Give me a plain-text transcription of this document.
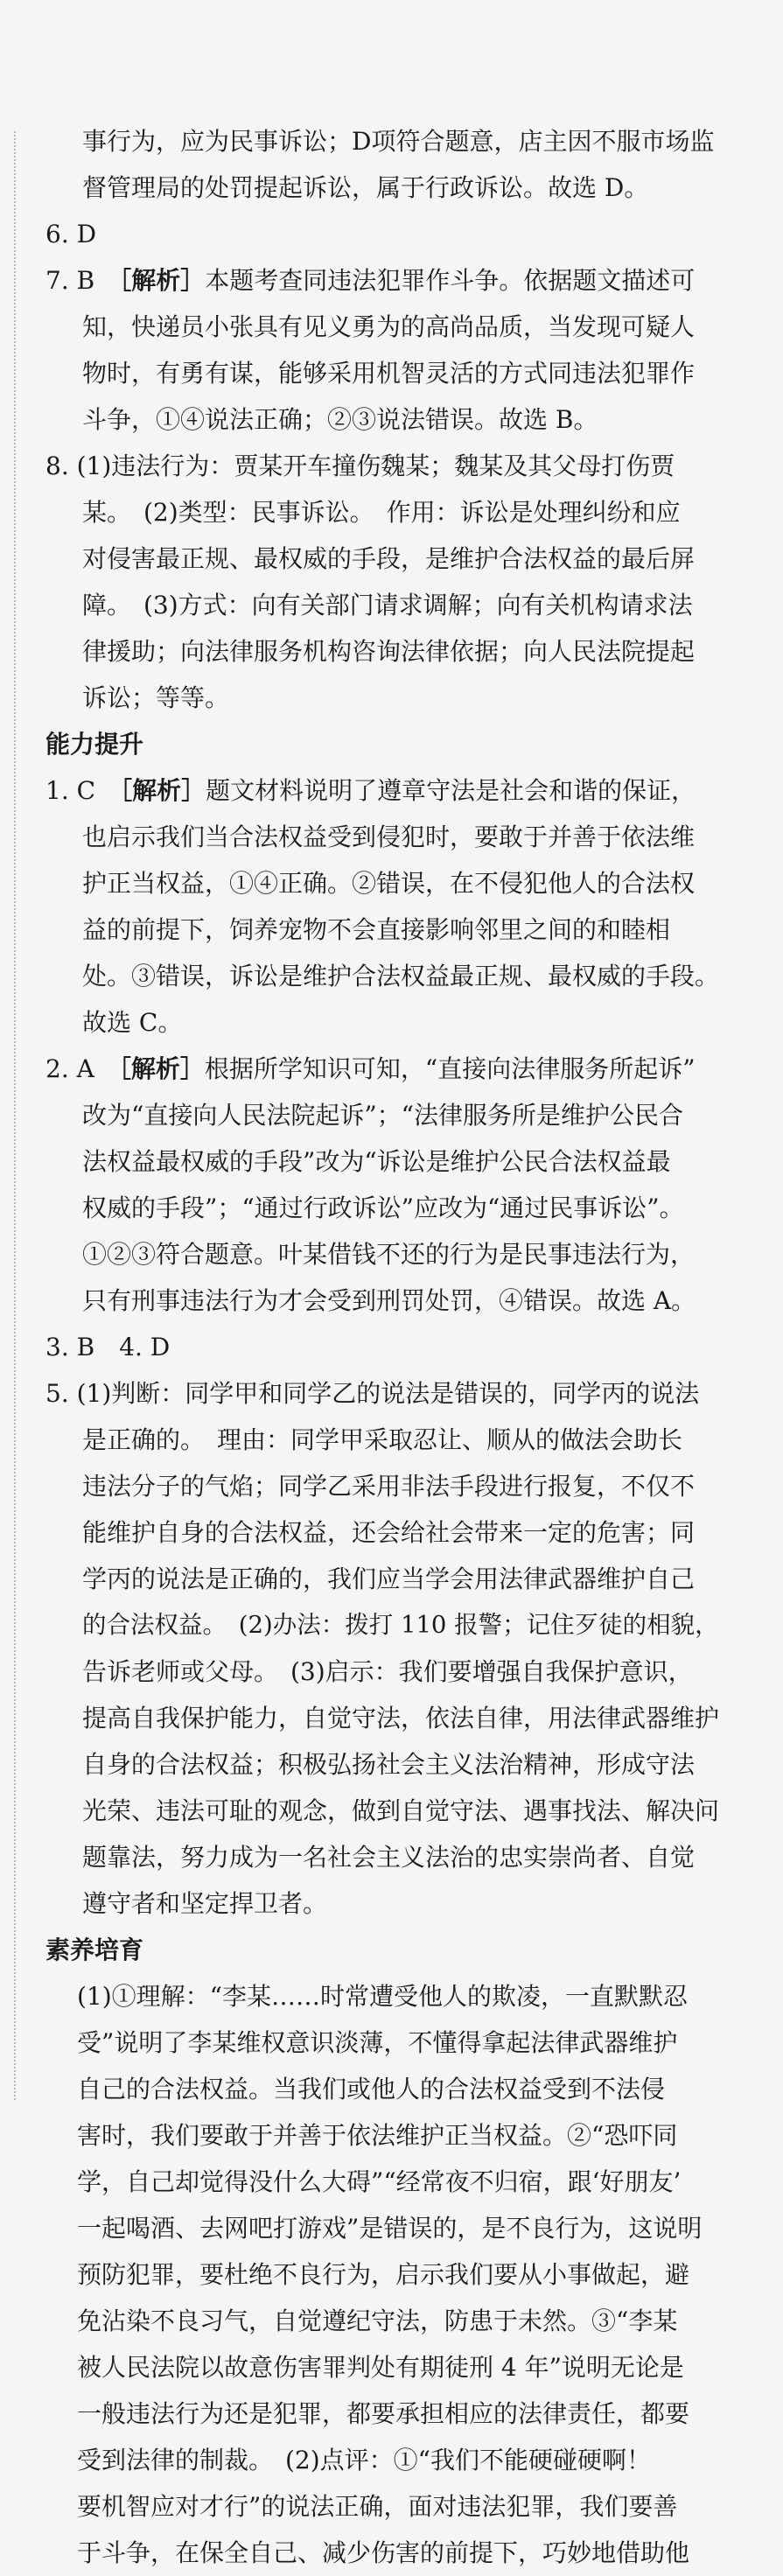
事行为，应为民事诉讼；D项符合题意，店主因不服市场监
督管理局的处罚提起诉讼，属于行政诉讼。故选 D。
6. D
7. B　 ［解析］本题考查同违法犯罪作斗争。依据题文描述可
知，快递员小张具有见义勇为的高尚品质，当发现可疑人
物时，有勇有谋，能够采用机智灵活的方式同违法犯罪作
斗争，①④说法正确；②③说法错误。故选 B。
8. (1)违法行为：贾某开车撞伤魏某；魏某及其父母打伤贾
某。　(2)类型：民事诉讼。　作用：诉讼是处理纠纷和应
对侵害最正规、最权威的手段，是维护合法权益的最后屏
障。　(3)方式：向有关部门请求调解；向有关机构请求法
律援助；向法律服务机构咨询法律依据；向人民法院提起
诉讼；等等。
能力提升
1. C　 ［解析］题文材料说明了遵章守法是社会和谐的保证，
也启示我们当合法权益受到侵犯时，要敢于并善于依法维
护正当权益，①④正确。②错误，在不侵犯他人的合法权
益的前提下，饲养宠物不会直接影响邻里之间的和睦相
处。③错误，诉讼是维护合法权益最正规、最权威的手段。
故选 C。
2. A　 ［解析］根据所学知识可知，“直接向法律服务所起诉”
改为“直接向人民法院起诉”；“法律服务所是维护公民合
法权益最权威的手段”改为“诉讼是维护公民合法权益最
权威的手段”；“通过行政诉讼”应改为“通过民事诉讼”。
①②③符合题意。叶某借钱不还的行为是民事违法行为，
只有刑事违法行为才会受到刑罚处罚，④错误。故选 A。
3. B　4. D
5. (1)判断：同学甲和同学乙的说法是错误的，同学丙的说法
是正确的。　理由：同学甲采取忍让、顺从的做法会助长
违法分子的气焰；同学乙采用非法手段进行报复，不仅不
能维护自身的合法权益，还会给社会带来一定的危害；同
学丙的说法是正确的，我们应当学会用法律武器维护自己
的合法权益。　(2)办法：拨打 110 报警；记住歹徒的相貌，
告诉老师或父母。　(3)启示：我们要增强自我保护意识，
提高自我保护能力，自觉守法，依法自律，用法律武器维护
自身的合法权益；积极弘扬社会主义法治精神，形成守法
光荣、违法可耻的观念，做到自觉守法、遇事找法、解决问
题靠法，努力成为一名社会主义法治的忠实崇尚者、自觉
遵守者和坚定捍卫者。
素养培育
(1)①理解：“李某……时常遭受他人的欺凌，一直默默忍
受”说明了李某维权意识淡薄，不懂得拿起法律武器维护
自己的合法权益。当我们或他人的合法权益受到不法侵
害时，我们要敢于并善于依法维护正当权益。②“恐吓同
学，自己却觉得没什么大碍”“经常夜不归宿，跟‘好朋友’
一起喝酒、去网吧打游戏”是错误的，是不良行为，这说明
预防犯罪，要杜绝不良行为，启示我们要从小事做起，避
免沾染不良习气，自觉遵纪守法，防患于未然。③“李某
被人民法院以故意伤害罪判处有期徒刑 4 年”说明无论是
一般违法行为还是犯罪，都要承担相应的法律责任，都要
受到法律的制裁。　(2)点评：①“我们不能硬碰硬啊！
要机智应对才行”的说法正确，面对违法犯罪，我们要善
于斗争，在保全自己、减少伤害的前提下，巧妙地借助他
